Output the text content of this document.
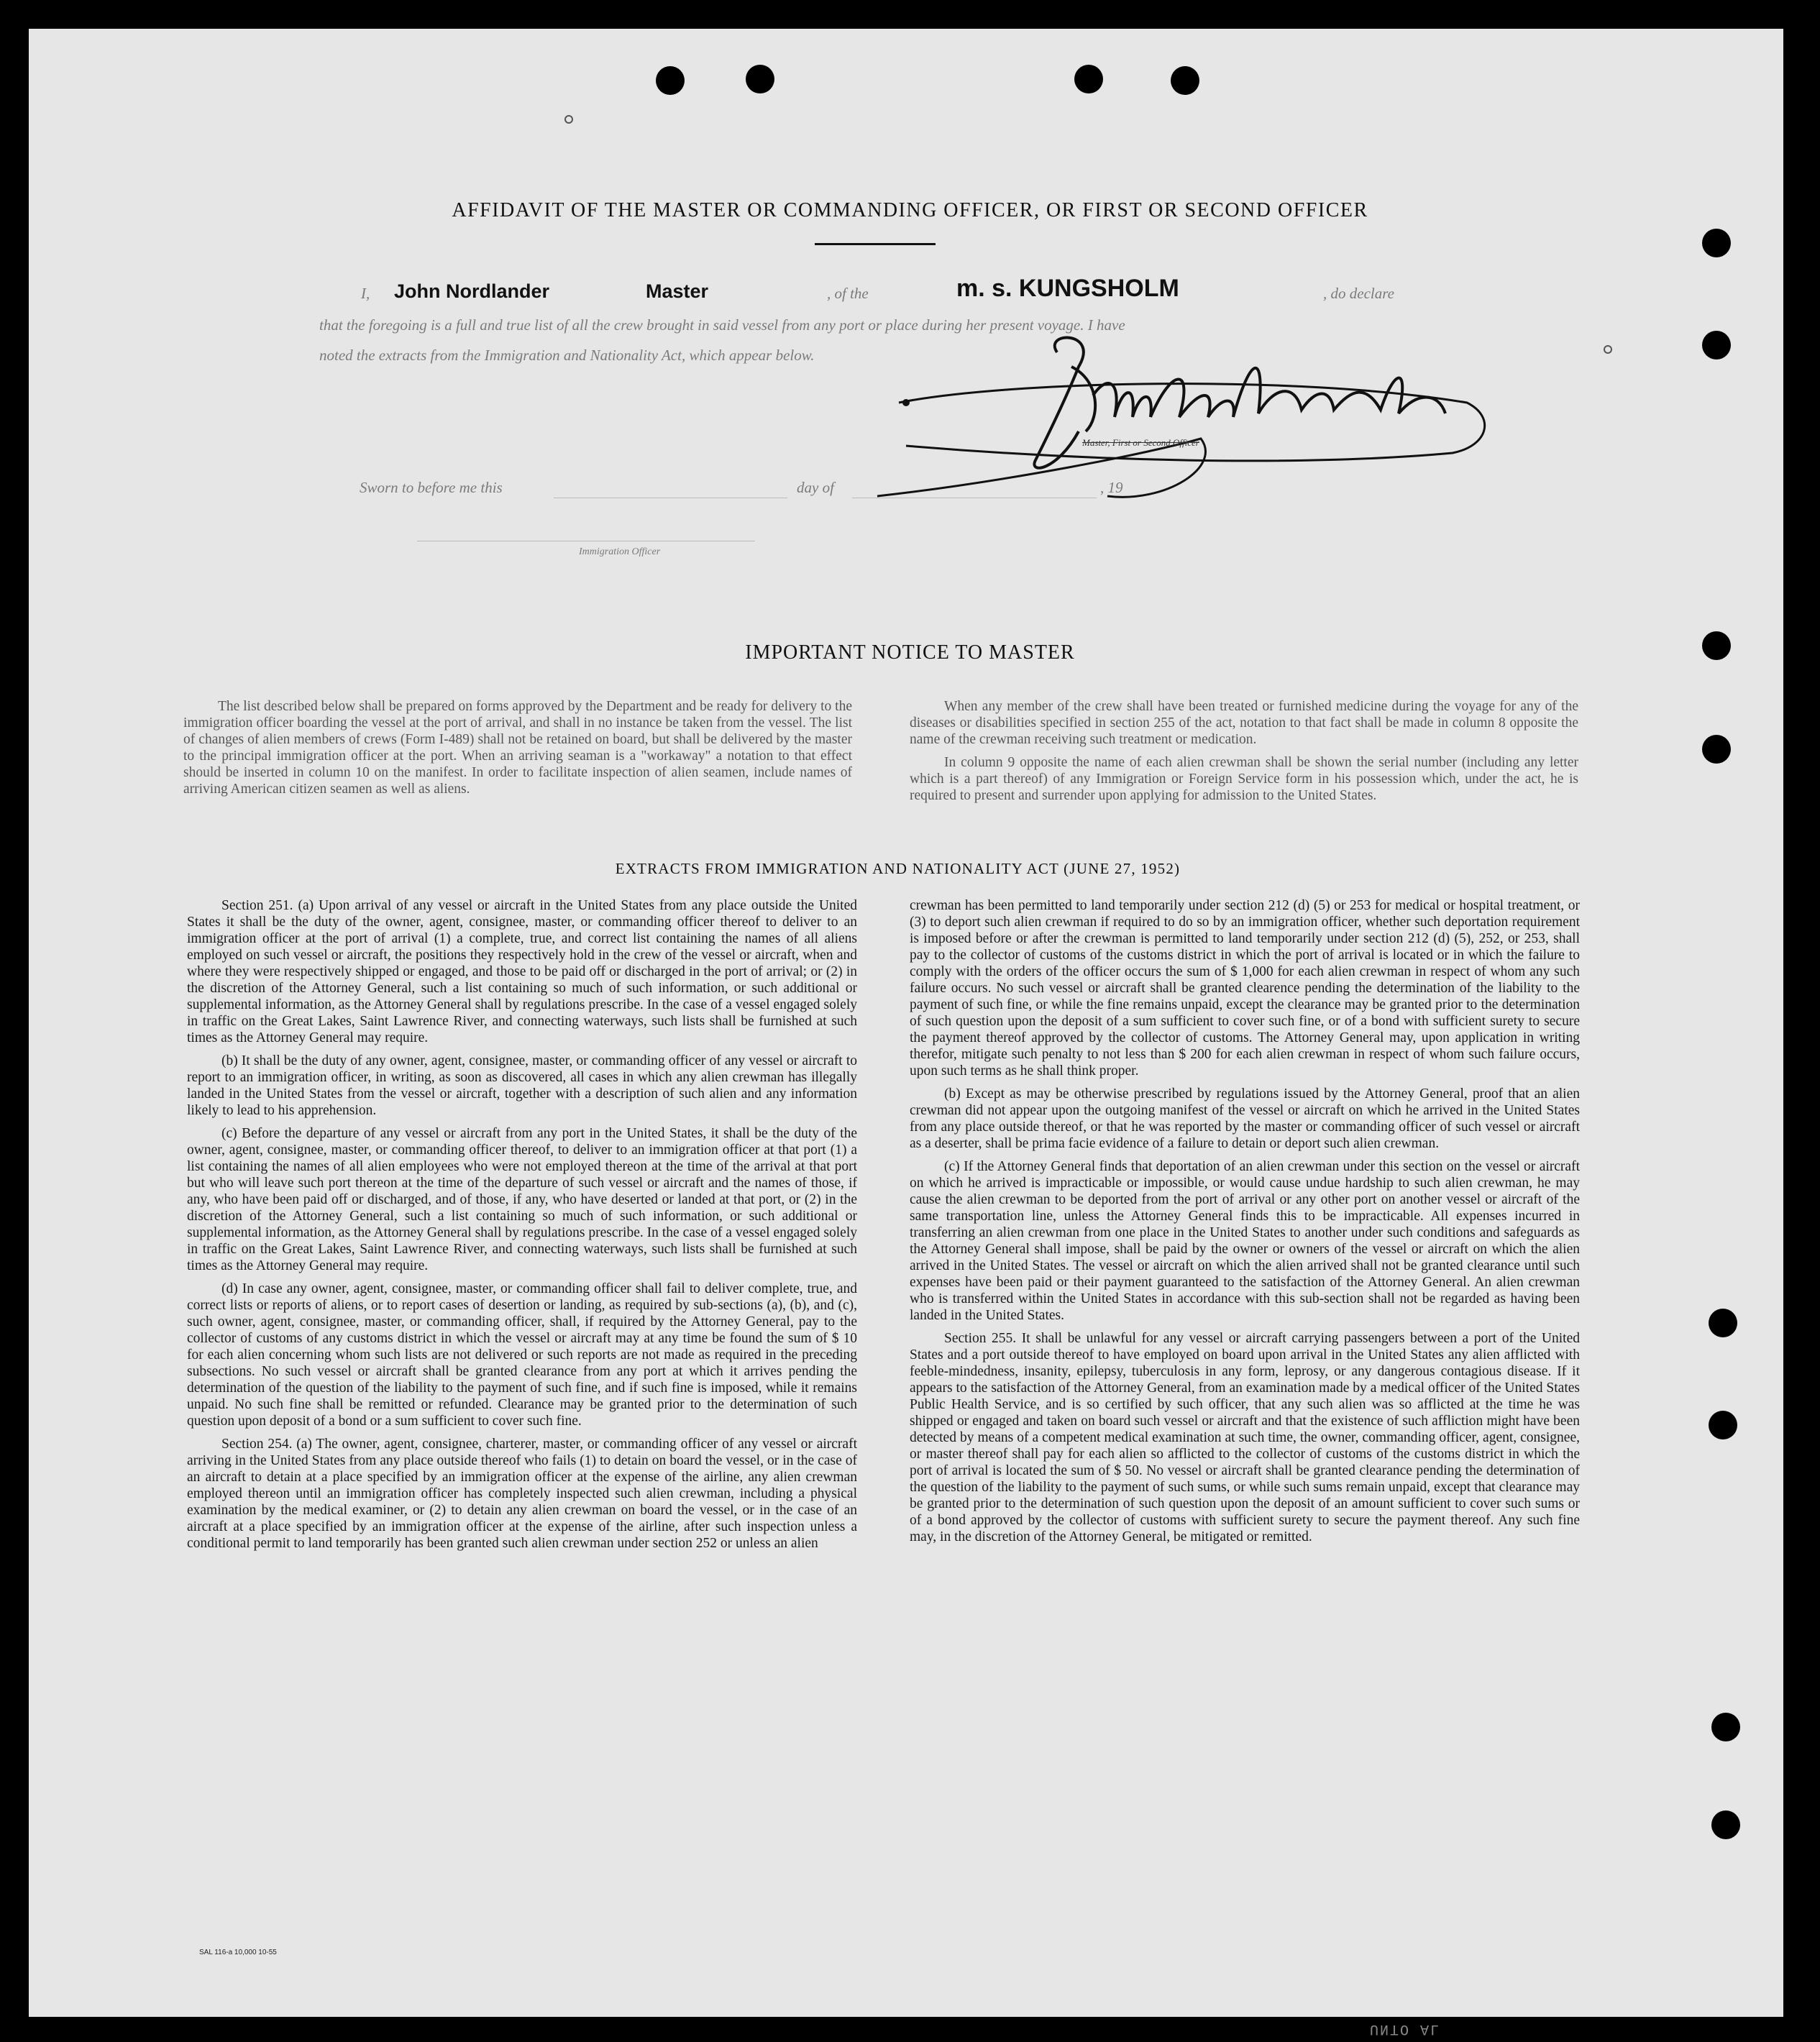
AFFIDAVIT OF THE MASTER OR COMMANDING OFFICER, OR FIRST OR SECOND OFFICER
I, John Nordlander	Master	, of the	m. s. KUNGSHOLM	, do declare
that the foregoing is a full and true list of all the crew brought in said vessel from any port or place during her present voyage. I have
noted the extracts from the Immigration and Nationality Act, which appear below.
Master, First or Second Officer
Sworn to before me this	day of	, 19
Immigration Officer
IMPORTANT NOTICE TO MASTER

The list described below shall be prepared on forms approved by the Department and be ready for delivery to the immigration officer boarding the vessel at the port of arrival, and shall in no instance be taken from the vessel. The list of changes of alien members of crews (Form I-489) shall not be retained on board, but shall be delivered by the master to the principal immigration officer at the port. When an arriving seaman is a "workaway" a notation to that effect should be inserted in column 10 on the manifest. In order to facilitate inspection of alien seamen, include names of arriving American citizen seamen as well as aliens.

When any member of the crew shall have been treated or furnished medicine during the voyage for any of the diseases or disabilities specified in section 255 of the act, notation to that fact shall be made in column 8 opposite the name of the crewman receiving such treatment or medication.

In column 9 opposite the name of each alien crewman shall be shown the serial number (including any letter which is a part thereof) of any Immigration or Foreign Service form in his possession which, under the act, he is required to present and surrender upon applying for admission to the United States.

EXTRACTS FROM IMMIGRATION AND NATIONALITY ACT (JUNE 27, 1952)

Section 251. (a) Upon arrival of any vessel or aircraft in the United States from any place outside the United States it shall be the duty of the owner, agent, consignee, master, or commanding officer thereof to deliver to an immigration officer at the port of arrival (1) a complete, true, and correct list containing the names of all aliens employed on such vessel or aircraft, the positions they respectively hold in the crew of the vessel or aircraft, when and where they were respectively shipped or engaged, and those to be paid off or discharged in the port of arrival; or (2) in the discretion of the Attorney General, such a list containing so much of such information, or such additional or supplemental information, as the Attorney General shall by regulations prescribe. In the case of a vessel engaged solely in traffic on the Great Lakes, Saint Lawrence River, and connecting waterways, such lists shall be furnished at such times as the Attorney General may require.

(b) It shall be the duty of any owner, agent, consignee, master, or commanding officer of any vessel or aircraft to report to an immigration officer, in writing, as soon as discovered, all cases in which any alien crewman has illegally landed in the United States from the vessel or aircraft, together with a description of such alien and any information likely to lead to his apprehension.

(c) Before the departure of any vessel or aircraft from any port in the United States, it shall be the duty of the owner, agent, consignee, master, or commanding officer thereof, to deliver to an immigration officer at that port (1) a list containing the names of all alien employees who were not employed thereon at the time of the arrival at that port but who will leave such port thereon at the time of the departure of such vessel or aircraft and the names of those, if any, who have been paid off or discharged, and of those, if any, who have deserted or landed at that port, or (2) in the discretion of the Attorney General, such a list containing so much of such information, or such additional or supplemental information, as the Attorney General shall by regulations prescribe. In the case of a vessel engaged solely in traffic on the Great Lakes, Saint Lawrence River, and connecting waterways, such lists shall be furnished at such times as the Attorney General may require.

(d) In case any owner, agent, consignee, master, or commanding officer shall fail to deliver complete, true, and correct lists or reports of aliens, or to report cases of desertion or landing, as required by sub-sections (a), (b), and (c), such owner, agent, consignee, master, or commanding officer, shall, if required by the Attorney General, pay to the collector of customs of any customs district in which the vessel or aircraft may at any time be found the sum of $ 10 for each alien concerning whom such lists are not delivered or such reports are not made as required in the preceding subsections. No such vessel or aircraft shall be granted clearance from any port at which it arrives pending the determination of the question of the liability to the payment of such fine, and if such fine is imposed, while it remains unpaid. No such fine shall be remitted or refunded. Clearance may be granted prior to the determination of such question upon deposit of a bond or a sum sufficient to cover such fine.

Section 254. (a) The owner, agent, consignee, charterer, master, or commanding officer of any vessel or aircraft arriving in the United States from any place outside thereof who fails (1) to detain on board the vessel, or in the case of an aircraft to detain at a place specified by an immigration officer at the expense of the airline, any alien crewman employed thereon until an immigration officer has completely inspected such alien crewman, including a physical examination by the medical examiner, or (2) to detain any alien crewman on board the vessel, or in the case of an aircraft at a place specified by an immigration officer at the expense of the airline, after such inspection unless a conditional permit to land temporarily has been granted such alien crewman under section 252 or unless an alien

crewman has been permitted to land temporarily under section 212 (d) (5) or 253 for medical or hospital treatment, or (3) to deport such alien crewman if required to do so by an immigration officer, whether such deportation requirement is imposed before or after the crewman is permitted to land temporarily under section 212 (d) (5), 252, or 253, shall pay to the collector of customs of the customs district in which the port of arrival is located or in which the failure to comply with the orders of the officer occurs the sum of $ 1,000 for each alien crewman in respect of whom any such failure occurs. No such vessel or aircraft shall be granted clearence pending the determination of the liability to the payment of such fine, or while the fine remains unpaid, except the clearance may be granted prior to the determination of such question upon the deposit of a sum sufficient to cover such fine, or of a bond with sufficient surety to secure the payment thereof approved by the collector of customs. The Attorney General may, upon application in writing therefor, mitigate such penalty to not less than $ 200 for each alien crewman in respect of whom such failure occurs, upon such terms as he shall think proper.

(b) Except as may be otherwise prescribed by regulations issued by the Attorney General, proof that an alien crewman did not appear upon the outgoing manifest of the vessel or aircraft on which he arrived in the United States from any place outside thereof, or that he was reported by the master or commanding officer of such vessel or aircraft as a deserter, shall be prima facie evidence of a failure to detain or deport such alien crewman.

(c) If the Attorney General finds that deportation of an alien crewman under this section on the vessel or aircraft on which he arrived is impracticable or impossible, or would cause undue hardship to such alien crewman, he may cause the alien crewman to be deported from the port of arrival or any other port on another vessel or aircraft of the same transportation line, unless the Attorney General finds this to be impracticable. All expenses incurred in transferring an alien crewman from one place in the United States to another under such conditions and safeguards as the Attorney General shall impose, shall be paid by the owner or owners of the vessel or aircraft on which the alien arrived in the United States. The vessel or aircraft on which the alien arrived shall not be granted clearance until such expenses have been paid or their payment guaranteed to the satisfaction of the Attorney General. An alien crewman who is transferred within the United States in accordance with this sub-section shall not be regarded as having been landed in the United States.

Section 255. It shall be unlawful for any vessel or aircraft carrying passengers between a port of the United States and a port outside thereof to have employed on board upon arrival in the United States any alien afflicted with feeble-mindedness, insanity, epilepsy, tuberculosis in any form, leprosy, or any dangerous contagious disease. If it appears to the satisfaction of the Attorney General, from an examination made by a medical officer of the United States Public Health Service, and is so certified by such officer, that any such alien was so afflicted at the time he was shipped or engaged and taken on board such vessel or aircraft and that the existence of such affliction might have been detected by means of a competent medical examination at such time, the owner, commanding officer, agent, consignee, or master thereof shall pay for each alien so afflicted to the collector of customs of the customs district in which the port of arrival is located the sum of $ 50. No vessel or aircraft shall be granted clearance pending the determination of the question of the liability to the payment of such sums, or while such sums remain unpaid, except that clearance may be granted prior to the determination of such question upon the deposit of an amount sufficient to cover such sums or of a bond approved by the collector of customs with sufficient surety to secure the payment thereof. Any such fine may, in the discretion of the Attorney General, be mitigated or remitted.

SAL 116-a 10,000 10-55
UNTO AL
